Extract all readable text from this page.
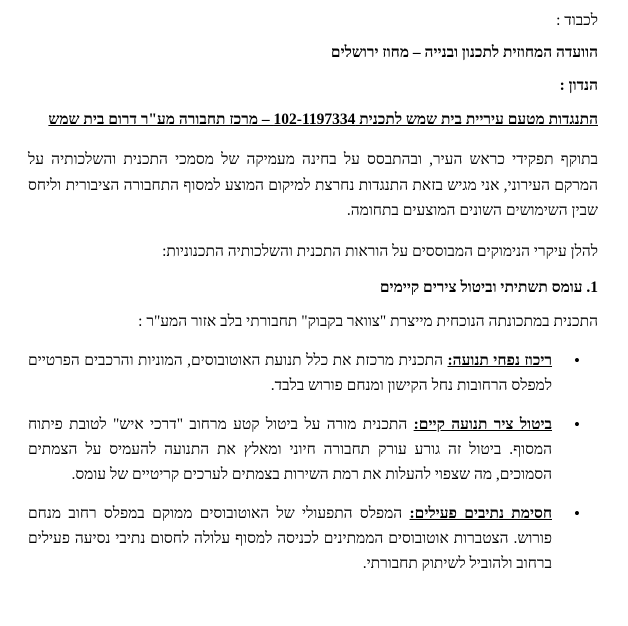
לכבוד :

הוועדה המחוזית לתכנון ובנייה – מחוז ירושלים

הנדון :

התנגדות מטעם עיריית בית שמש לתכנית 102-1197334 – מרכז תחבורה מע"ר דרום בית שמש

בתוקף תפקידי כראש העיר, ובהתבסס על בחינה מעמיקה של מסמכי התכנית והשלכותיה על המרקם העירוני, אני מגיש בזאת התנגדות נחרצת למיקום המוצע למסוף התחבורה הציבורית וליחס שבין השימושים השונים המוצעים בתחומה.

להלן עיקרי הנימוקים המבוססים על הוראות התכנית והשלכותיה התכנוניות:

1. עומס תשתיתי וביטול צירים קיימים

התכנית במתכונתה הנוכחית מייצרת "צוואר בקבוק" תחבורתי בלב אזור המע"ר :

• ריכוז נפחי תנועה: התכנית מרכזת את כלל תנועת האוטובוסים, המוניות והרכבים הפרטיים למפלס הרחובות נחל הקישון ומנחם פורוש בלבד.
• ביטול ציר תנועה קיים: התכנית מורה על ביטול קטע מרחוב "דרכי איש" לטובת פיתוח המסוף. ביטול זה גורע עורק תחבורה חיוני ומאלץ את התנועה להעמיס על הצמתים הסמוכים, מה שצפוי להעלות את רמת השירות בצמתים לערכים קריטיים של עומס.
• חסימת נתיבים פעילים: המפלס התפעולי של האוטובוסים ממוקם במפלס רחוב מנחם פורוש. הצטברות אוטובוסים הממתינים לכניסה למסוף עלולה לחסום נתיבי נסיעה פעילים ברחוב ולהוביל לשיתוק תחבורתי.
